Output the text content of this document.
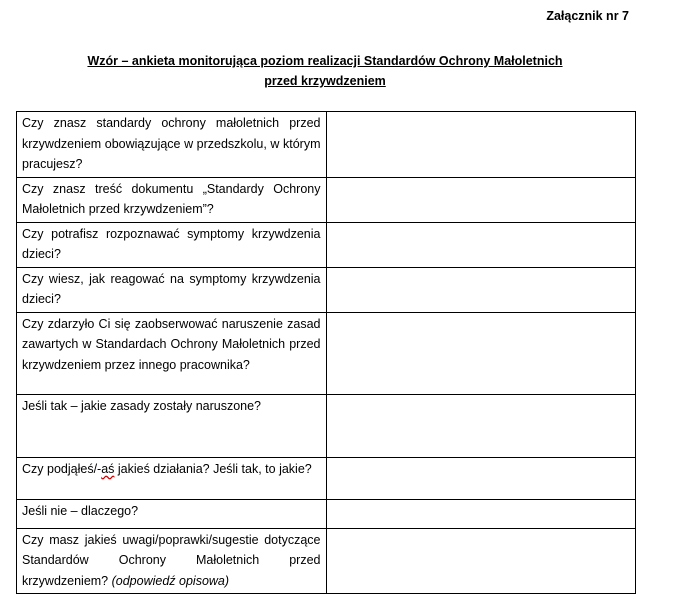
Załącznik nr 7
Wzór – ankieta monitorująca poziom realizacji Standardów Ochrony Małoletnich
przed krzywdzeniem
Czy znasz standardy ochrony małoletnich przed krzywdzeniem obowiązujące w przedszkolu, w którym pracujesz?	
Czy znasz treść dokumentu „Standardy Ochrony Małoletnich przed krzywdzeniem”?	
Czy potrafisz rozpoznawać symptomy krzywdzenia dzieci?	
Czy wiesz, jak reagować na symptomy krzywdzenia dzieci?	
Czy zdarzyło Ci się zaobserwować naruszenie zasad zawartych w Standardach Ochrony Małoletnich przed krzywdzeniem przez innego pracownika?	
Jeśli tak – jakie zasady zostały naruszone?	
Czy podjąłeś/-aś jakieś działania? Jeśli tak, to jakie?	
Jeśli nie – dlaczego?	
Czy masz jakieś uwagi/poprawki/sugestie dotyczące Standardów Ochrony Małoletnich przed krzywdzeniem? (odpowiedź opisowa)	
